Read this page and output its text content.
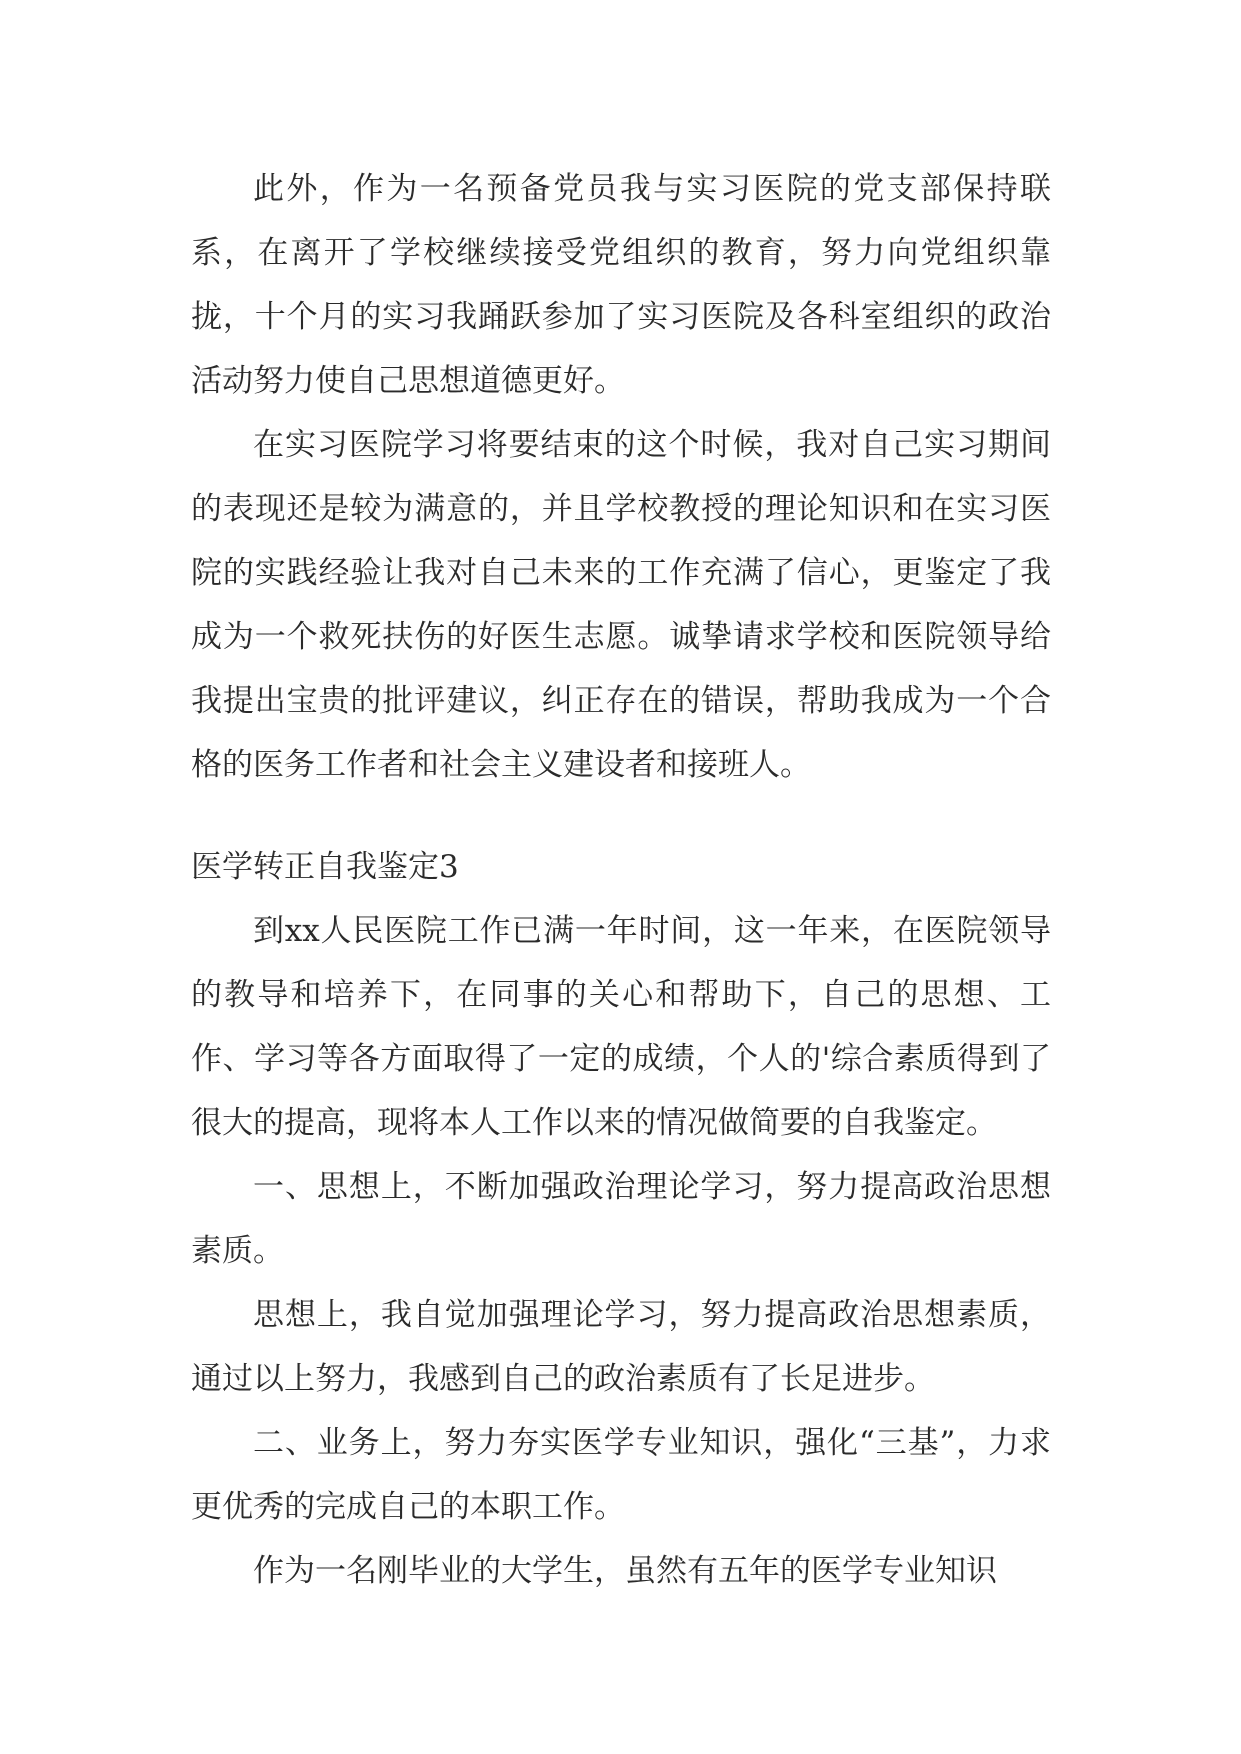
此外，作为一名预备党员我与实习医院的党支部保持联系，在离开了学校继续接受党组织的教育，努力向党组织靠拢，十个月的实习我踊跃参加了实习医院及各科室组织的政治活动努力使自己思想道德更好。

在实习医院学习将要结束的这个时候，我对自己实习期间的表现还是较为满意的，并且学校教授的理论知识和在实习医院的实践经验让我对自己未来的工作充满了信心，更鉴定了我成为一个救死扶伤的好医生志愿。诚挚请求学校和医院领导给我提出宝贵的批评建议，纠正存在的错误，帮助我成为一个合格的医务工作者和社会主义建设者和接班人。

医学转正自我鉴定3

到xx人民医院工作已满一年时间，这一年来，在医院领导的教导和培养下，在同事的关心和帮助下，自己的思想、工作、学习等各方面取得了一定的成绩，个人的'综合素质得到了很大的提高，现将本人工作以来的情况做简要的自我鉴定。

一、思想上，不断加强政治理论学习，努力提高政治思想素质。

思想上，我自觉加强理论学习，努力提高政治思想素质，通过以上努力，我感到自己的政治素质有了长足进步。

二、业务上，努力夯实医学专业知识，强化“三基”，力求更优秀的完成自己的本职工作。

作为一名刚毕业的大学生，虽然有五年的医学专业知识
